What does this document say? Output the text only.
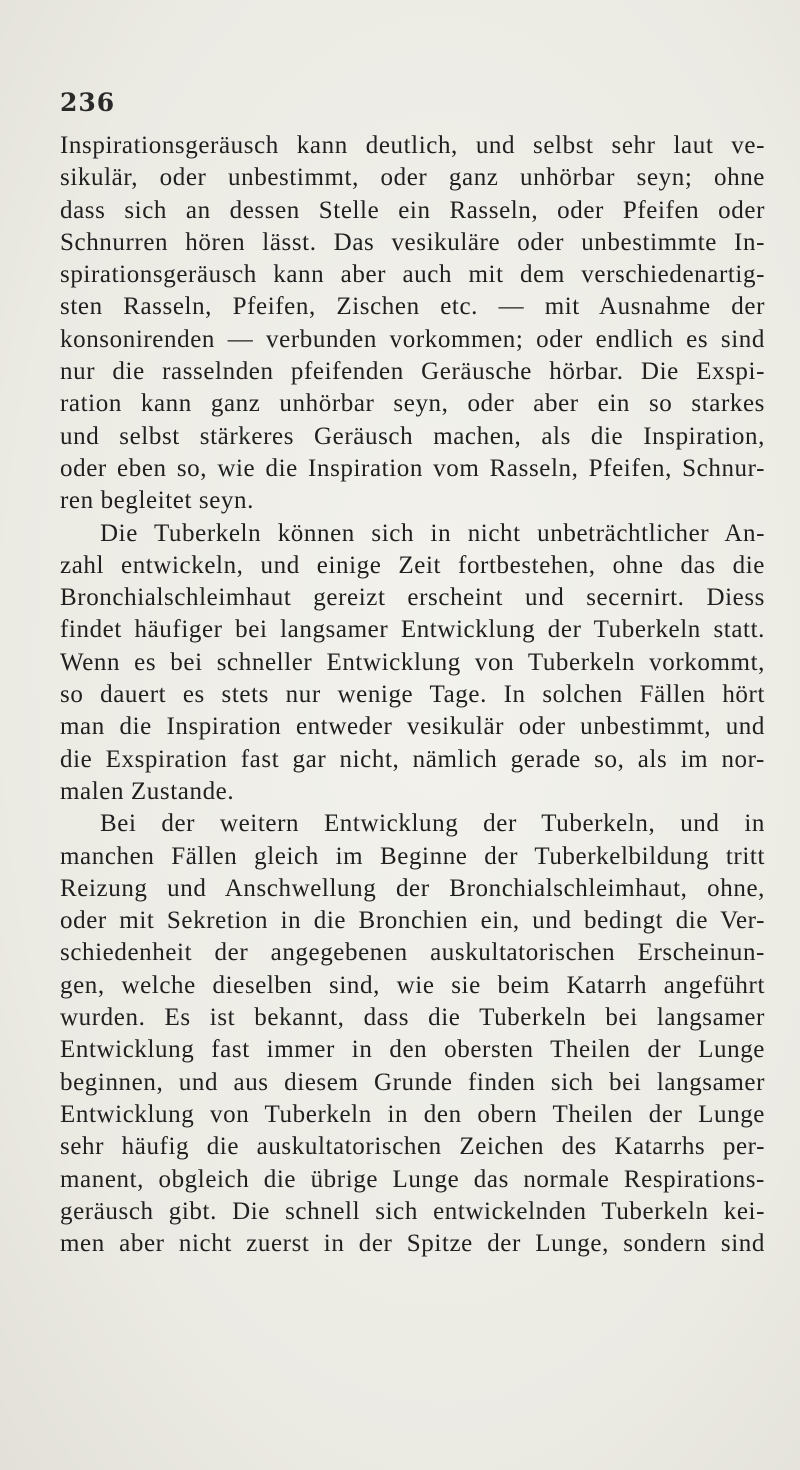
236
Inspirationsgeräusch kann deutlich, und selbst sehr laut ve-
sikulär, oder unbestimmt, oder ganz unhörbar seyn; ohne
dass sich an dessen Stelle ein Rasseln, oder Pfeifen oder
Schnurren hören lässt. Das vesikuläre oder unbestimmte In-
spirationsgeräusch kann aber auch mit dem verschiedenartig-
sten Rasseln, Pfeifen, Zischen etc. — mit Ausnahme der
konsonirenden — verbunden vorkommen; oder endlich es sind
nur die rasselnden pfeifenden Geräusche hörbar. Die Exspi-
ration kann ganz unhörbar seyn, oder aber ein so starkes
und selbst stärkeres Geräusch machen, als die Inspiration,
oder eben so, wie die Inspiration vom Rasseln, Pfeifen, Schnur-
ren begleitet seyn.
Die Tuberkeln können sich in nicht unbeträchtlicher An-
zahl entwickeln, und einige Zeit fortbestehen, ohne das die
Bronchialschleimhaut gereizt erscheint und secernirt. Diess
findet häufiger bei langsamer Entwicklung der Tuberkeln statt.
Wenn es bei schneller Entwicklung von Tuberkeln vorkommt,
so dauert es stets nur wenige Tage. In solchen Fällen hört
man die Inspiration entweder vesikulär oder unbestimmt, und
die Exspiration fast gar nicht, nämlich gerade so, als im nor-
malen Zustande.
Bei der weitern Entwicklung der Tuberkeln, und in
manchen Fällen gleich im Beginne der Tuberkelbildung tritt
Reizung und Anschwellung der Bronchialschleimhaut, ohne,
oder mit Sekretion in die Bronchien ein, und bedingt die Ver-
schiedenheit der angegebenen auskultatorischen Erscheinun-
gen, welche dieselben sind, wie sie beim Katarrh angeführt
wurden. Es ist bekannt, dass die Tuberkeln bei langsamer
Entwicklung fast immer in den obersten Theilen der Lunge
beginnen, und aus diesem Grunde finden sich bei langsamer
Entwicklung von Tuberkeln in den obern Theilen der Lunge
sehr häufig die auskultatorischen Zeichen des Katarrhs per-
manent, obgleich die übrige Lunge das normale Respirations-
geräusch gibt. Die schnell sich entwickelnden Tuberkeln kei-
men aber nicht zuerst in der Spitze der Lunge, sondern sind
